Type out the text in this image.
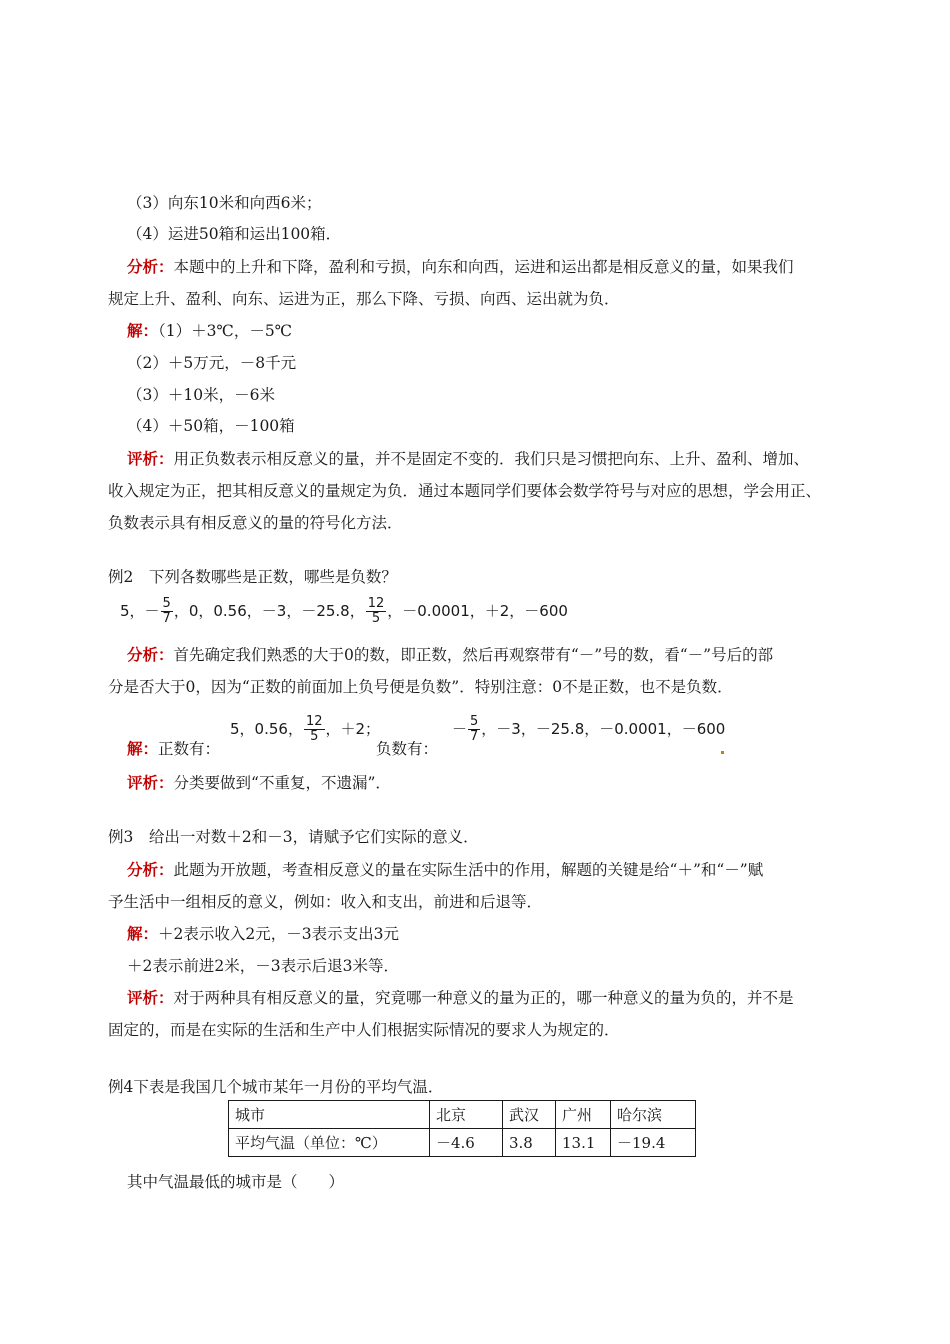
（3）向东10米和向西6米；
（4）运进50箱和运出100箱．
分析：本题中的上升和下降，盈利和亏损，向东和向西，运进和运出都是相反意义的量，如果我们
规定上升、盈利、向东、运进为正，那么下降、亏损、向西、运出就为负．
解：（1）＋3℃，－5℃
（2）＋5万元，－8千元
（3）＋10米，－6米
（4）＋50箱，－100箱
评析：用正负数表示相反意义的量，并不是固定不变的．我们只是习惯把向东、上升、盈利、增加、
收入规定为正，把其相反意义的量规定为负．通过本题同学们要体会数学符号与对应的思想，学会用正、
负数表示具有相反意义的量的符号化方法．
例2　下列各数哪些是正数，哪些是负数？
5，－ $\frac{5}{7}$ ，0，0.56，－3，－25.8， $\frac{12}{5}$ ，－0.0001，＋2，－600
分析：首先确定我们熟悉的大于0的数，即正数，然后再观察带有“－”号的数，看“－”号后的部
分是否大于0，因为“正数的前面加上负号便是负数”．特别注意：0不是正数，也不是负数．
解：正数有：
5，0.56， $\frac{12}{5}$ ，＋2；
负数有：
－ $\frac{5}{7}$ ，－3，－25.8，－0.0001，－600
评析：分类要做到“不重复，不遗漏”．
例3　给出一对数＋2和－3，请赋予它们实际的意义．
分析：此题为开放题，考查相反意义的量在实际生活中的作用，解题的关键是给“＋”和“－”赋
予生活中一组相反的意义，例如：收入和支出，前进和后退等．
解：＋2表示收入2元，－3表示支出3元
＋2表示前进2米，－3表示后退3米等．
评析：对于两种具有相反意义的量，究竟哪一种意义的量为正的，哪一种意义的量为负的，并不是
固定的，而是在实际的生活和生产中人们根据实际情况的要求人为规定的．
例4下表是我国几个城市某年一月份的平均气温．
城市	北京	武汉	广州	哈尔滨
平均气温（单位：℃）	－4.6	3.8	13.1	－19.4
其中气温最低的城市是（　　）
